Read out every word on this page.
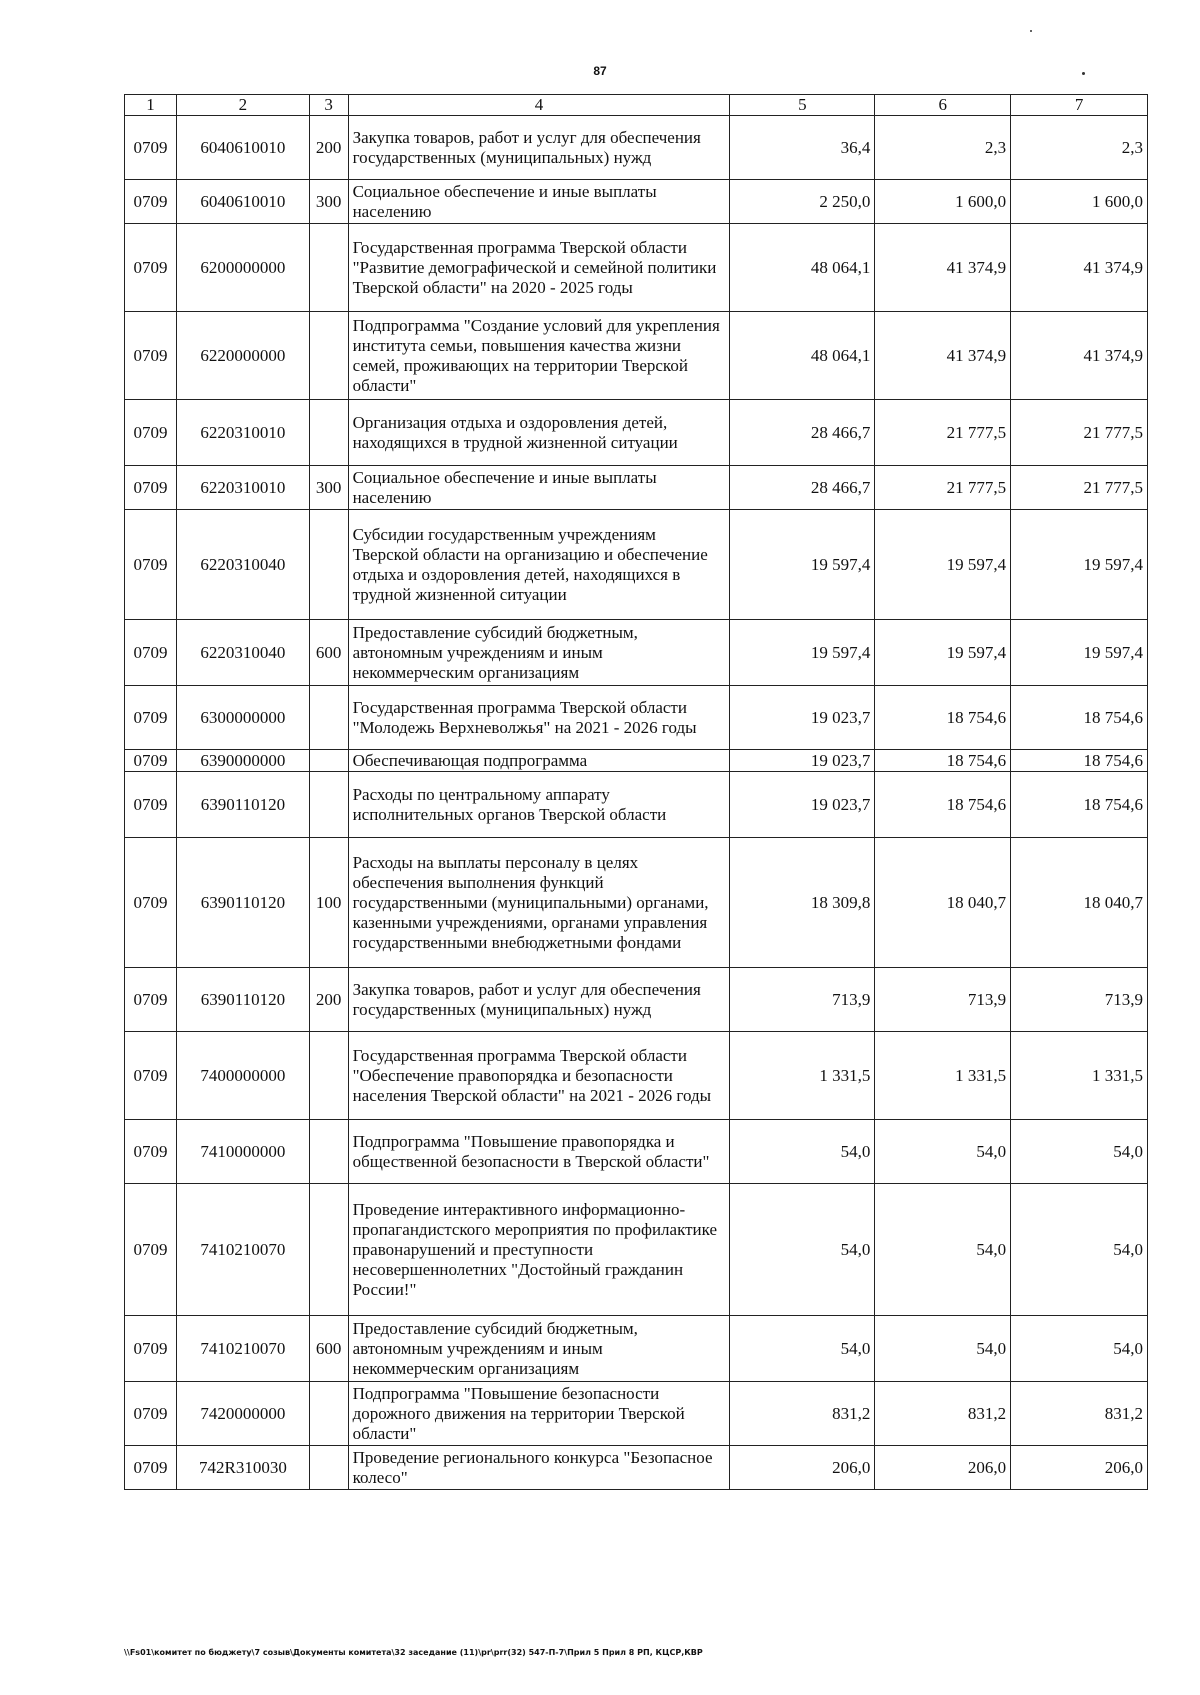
87
1	2	3	4	5	6	7
0709	6040610010	200	Закупка товаров, работ и услуг для обеспечения государственных (муниципальных) нужд	36,4	2,3	2,3
0709	6040610010	300	Социальное обеспечение и иные выплаты населению	2 250,0	1 600,0	1 600,0
0709	6200000000		Государственная программа Тверской области "Развитие демографической и семейной политики Тверской области" на 2020 - 2025 годы	48 064,1	41 374,9	41 374,9
0709	6220000000		Подпрограмма "Создание условий для укрепления института семьи, повышения качества жизни семей, проживающих на территории Тверской области"	48 064,1	41 374,9	41 374,9
0709	6220310010		Организация отдыха и оздоровления детей, находящихся в трудной жизненной ситуации	28 466,7	21 777,5	21 777,5
0709	6220310010	300	Социальное обеспечение и иные выплаты населению	28 466,7	21 777,5	21 777,5
0709	6220310040		Субсидии государственным учреждениям Тверской области на организацию и обеспечение отдыха и оздоровления детей, находящихся в трудной жизненной ситуации	19 597,4	19 597,4	19 597,4
0709	6220310040	600	Предоставление субсидий бюджетным, автономным учреждениям и иным некоммерческим организациям	19 597,4	19 597,4	19 597,4
0709	6300000000		Государственная программа Тверской области "Молодежь Верхневолжья" на 2021 - 2026 годы	19 023,7	18 754,6	18 754,6
0709	6390000000		Обеспечивающая подпрограмма	19 023,7	18 754,6	18 754,6
0709	6390110120		Расходы по центральному аппарату исполнительных органов Тверской области	19 023,7	18 754,6	18 754,6
0709	6390110120	100	Расходы на выплаты персоналу в целях обеспечения выполнения функций государственными (муниципальными) органами, казенными учреждениями, органами управления государственными внебюджетными фондами	18 309,8	18 040,7	18 040,7
0709	6390110120	200	Закупка товаров, работ и услуг для обеспечения государственных (муниципальных) нужд	713,9	713,9	713,9
0709	7400000000		Государственная программа Тверской области "Обеспечение правопорядка и безопасности населения Тверской области" на 2021 - 2026 годы	1 331,5	1 331,5	1 331,5
0709	7410000000		Подпрограмма "Повышение правопорядка и общественной безопасности в Тверской области"	54,0	54,0	54,0
0709	7410210070		Проведение интерактивного информационно-пропагандистского мероприятия по профилактике правонарушений и преступности несовершеннолетних "Достойный гражданин России!"	54,0	54,0	54,0
0709	7410210070	600	Предоставление субсидий бюджетным, автономным учреждениям и иным некоммерческим организациям	54,0	54,0	54,0
0709	7420000000		Подпрограмма "Повышение безопасности дорожного движения на территории Тверской области"	831,2	831,2	831,2
0709	742R310030		Проведение регионального конкурса "Безопасное колесо"	206,0	206,0	206,0
\\Fs01\комитет по бюджету\7 созыв\Документы комитета\32 заседание (11)\pr\prr(32) 547-П-7\Прил 5 Прил 8 РП, КЦСР,КВР
